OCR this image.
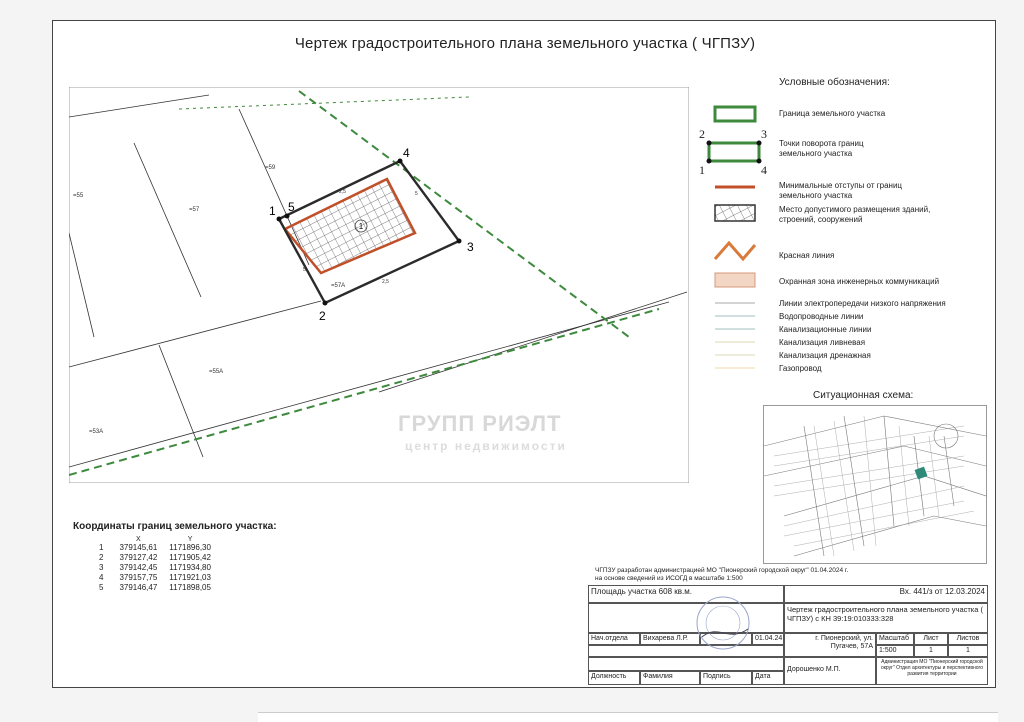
Чертеж градостроительного плана земельного участка ( ЧГПЗУ)
1
1
2
3
4
5
=55
=57
=59
=55А
=53А
=57А
2,5	5
5
2,5
ГРУПП РИЭЛТ
центр недвижимости
Условные обозначения:
2	3
1	4
Граница земельного участка
Точки поворота границ земельного участка
Минимальные отступы от границ земельного участка
Место допустимого размещения зданий, строений, сооружений
Красная линия
Охранная зона инженерных коммуникаций
Линии электропередачи низкого напряжения
Водопроводные линии
Канализационные линии
Канализация ливневая
Канализация дренажная
Газопровод
Ситуационная схема:
Координаты границ земельного участка:
	X	Y
1	379145,61	1171896,30
2	379127,42	1171905,42
3	379142,45	1171934,80
4	379157,75	1171921,03
5	379146,47	1171898,05
ЧГПЗУ разработан администрацией МО "Пионерский городской округ" 01.04.2024 г.
на основе сведений из ИСОГД в масштабе 1:500
Площадь участка 608 кв.м.	Вх. 441/з от 12.03.2024
Чертеж градостроительного плана земельного участка ( ЧГПЗУ) с КН 39:19:010333:328
Нач.отдела	Вихарева Л.Р.	01.04.24	г. Пионерский, ул. Пугачев, 57А
Масштаб	Лист	Листов
1:500	1	1
Дорошенко М.П.
Администрация МО "Пионерский городской округ" Отдел архитектуры и перспективного развития территории
Должность	Фамилия	Подпись	Дата
